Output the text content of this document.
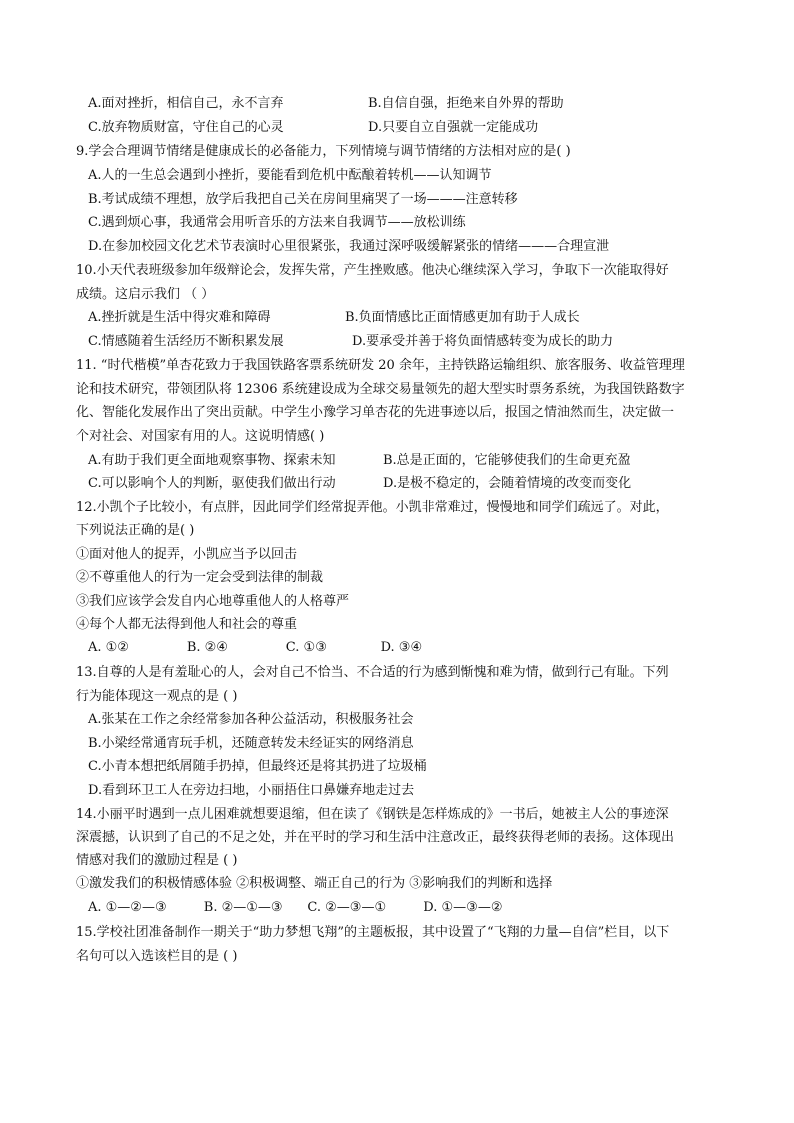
A.面对挫折，相信自己，永不言弃	B.自信自强，拒绝来自外界的帮助
C.放弃物质财富，守住自己的心灵	D.只要自立自强就一定能成功
9.学会合理调节情绪是健康成长的必备能力，下列情境与调节情绪的方法相对应的是( )
A.人的一生总会遇到小挫折，要能看到危机中酝酿着转机——认知调节
B.考试成绩不理想，放学后我把自己关在房间里痛哭了一场———注意转移
C.遇到烦心事，我通常会用听音乐的方法来自我调节——放松训练
D.在参加校园文化艺术节表演时心里很紧张，我通过深呼吸缓解紧张的情绪———合理宣泄
10.小天代表班级参加年级辩论会，发挥失常，产生挫败感。他决心继续深入学习，争取下一次能取得好
成绩。这启示我们 （ ）
A.挫折就是生活中得灾难和障碍	B.负面情感比正面情感更加有助于人成长
C.情感随着生活经历不断积累发展	D.要承受并善于将负面情感转变为成长的助力
11. “时代楷模”单杏花致力于我国铁路客票系统研发 20 余年，主持铁路运输组织、旅客服务、收益管理理
论和技术研究，带领团队将 12306 系统建设成为全球交易量领先的超大型实时票务系统，为我国铁路数字
化、智能化发展作出了突出贡献。中学生小豫学习单杏花的先进事迹以后，报国之情油然而生，决定做一
个对社会、对国家有用的人。这说明情感( )
A.有助于我们更全面地观察事物、探索未知	B.总是正面的，它能够使我们的生命更充盈
C.可以影响个人的判断，驱使我们做出行动	D.是极不稳定的，会随着情境的改变而变化
12.小凯个子比较小，有点胖，因此同学们经常捉弄他。小凯非常难过，慢慢地和同学们疏远了。对此，
下列说法正确的是( )
①面对他人的捉弄，小凯应当予以回击
②不尊重他人的行为一定会受到法律的制裁
③我们应该学会发自内心地尊重他人的人格尊严
④每个人都无法得到他人和社会的尊重
A. ①②              B. ②④              C. ①③             D. ③④
13.自尊的人是有羞耻心的人，会对自己不恰当、不合适的行为感到惭愧和难为情，做到行己有耻。下列
行为能体现这一观点的是 ( )
A.张某在工作之余经常参加各种公益活动，积极服务社会
B.小梁经常通宵玩手机，还随意转发未经证实的网络消息
C.小青本想把纸屑随手扔掉，但最终还是将其扔进了垃圾桶
D.看到环卫工人在旁边扫地，小丽捂住口鼻嫌弃地走过去
14.小丽平时遇到一点儿困难就想要退缩，但在读了《钢铁是怎样炼成的》一书后，她被主人公的事迹深
深震撼，认识到了自己的不足之处，并在平时的学习和生活中注意改正，最终获得老师的表扬。这体现出
情感对我们的激励过程是 ( )
①激发我们的积极情感体验 ②积极调整、端正自己的行为 ③影响我们的判断和选择
A. ①—②—③         B. ②—①—③      C. ②—③—①         D. ①—③—②
15.学校社团准备制作一期关于“助力梦想飞翔”的主题板报，其中设置了“飞翔的力量—自信”栏目，以下
名句可以入选该栏目的是 ( )
